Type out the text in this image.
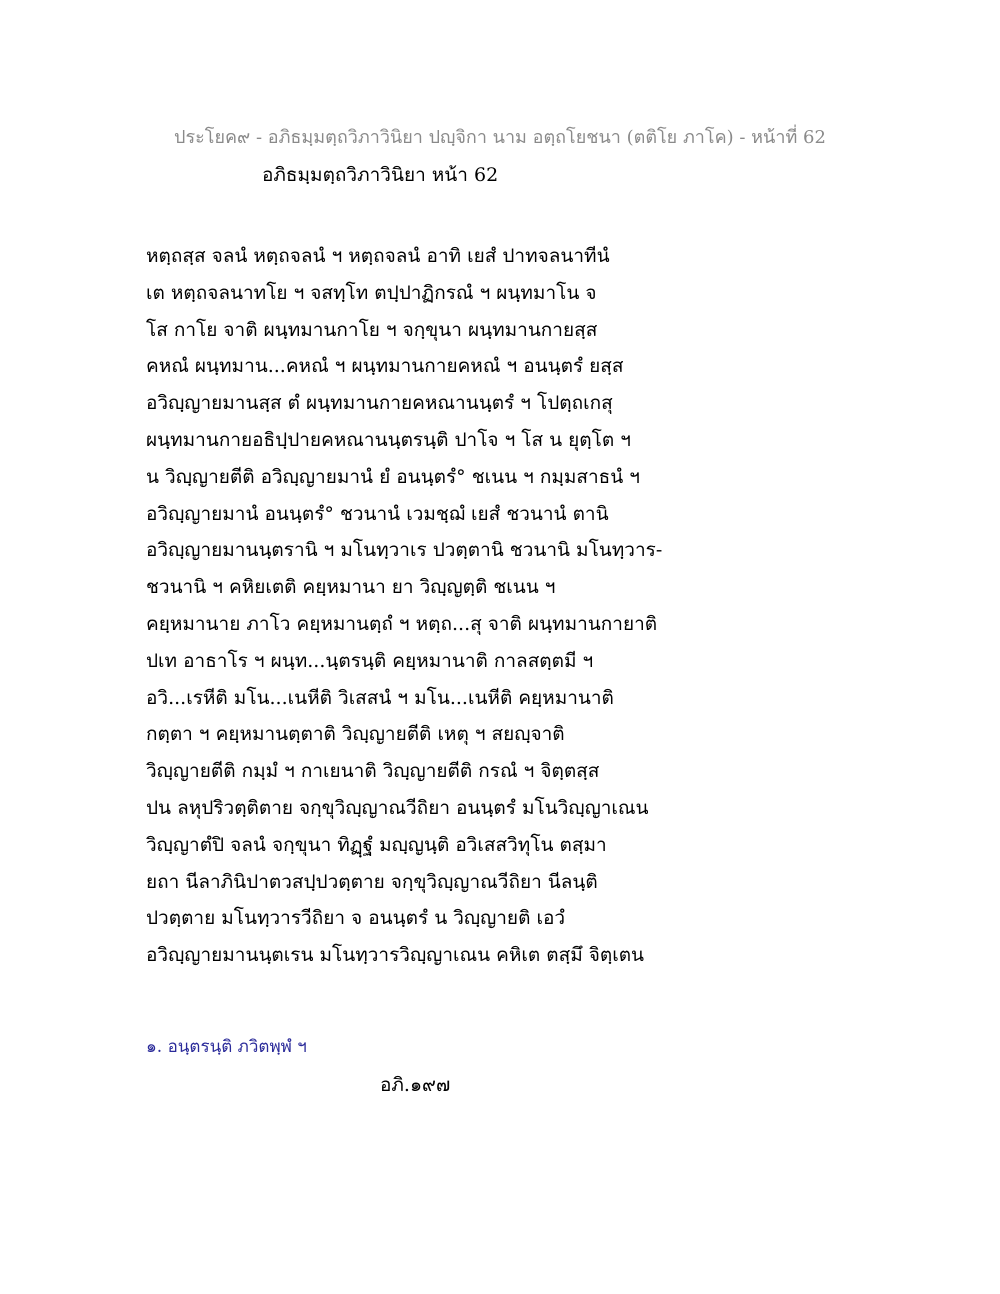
ประโยค๙ - อภิธมฺมตฺถวิภาวินิยา ปญฺจิกา นาม อตฺถโยชนา (ตติโย ภาโค) - หน้าที่ 62
อภิธมฺมตฺถวิภาวินิยา หน้า 62
หตฺถสฺส จลนํ หตฺถจลนํ ฯ หตฺถจลนํ อาทิ เยสํ ปาทจลนาทีนํ
เต หตฺถจลนาทโย ฯ จสทฺโท ตปฺปาฏิกรณํ ฯ ผนฺทมาโน จ
โส กาโย จาติ ผนฺทมานกาโย ฯ จกฺขุนา ผนฺทมานกายสฺส
คหณํ ผนฺทมาน...คหณํ ฯ ผนฺทมานกายคหณํ ฯ อนนฺตรํ ยสฺส
อวิญฺญายมานสฺส ตํ ผนฺทมานกายคหณานนฺตรํ ฯ โปตฺถเกสุ
ผนฺทมานกายอธิปฺปายคหณานนฺตรนฺติ ปาโจ ฯ โส น ยุตฺโต ฯ
น วิญฺญายตีติ อวิญฺญายมานํ ยํ อนนฺตรํ° ชเนน ฯ กมฺมสาธนํ ฯ
อวิญฺญายมานํ อนนฺตรํ° ชวนานํ เวมชฺฌํ เยสํ ชวนานํ ตานิ
อวิญฺญายมานนฺตรานิ ฯ มโนทฺวาเร ปวตฺตานิ ชวนานิ มโนทฺวาร-
ชวนานิ ฯ คหิยเตติ คยฺหมานา ยา วิญฺญตฺติ ชเนน ฯ
คยฺหมานาย ภาโว คยฺหมานตฺถํ ฯ หตฺถ...สุ จาติ ผนฺทมานกายาติ
ปเท อาธาโร ฯ ผนฺท...นฺตรนฺติ คยฺหมานาติ กาลสตฺตมี ฯ
อวิ...เรหีติ มโน...เนหีติ วิเสสนํ ฯ มโน...เนหีติ คยฺหมานาติ
กตฺตา ฯ คยฺหมานตฺตาติ วิญฺญายตีติ เหตุ ฯ สยญฺจาติ
วิญฺญายตีติ กมฺมํ ฯ กาเยนาติ วิญฺญายตีติ กรณํ ฯ จิตฺตสฺส
ปน ลหุปริวตฺติตาย จกฺขุวิญฺญาณวีถิยา อนนฺตรํ มโนวิญฺญาเณน
วิญฺญาตํปิ จลนํ จกฺขุนา ทิฏฺฐํ มญฺญนฺติ อวิเสสวิทุโน ตสฺมา
ยถา นีลาภินิปาตวสปฺปวตฺตาย จกฺขุวิญฺญาณวีถิยา นีลนฺติ
ปวตฺตาย มโนทฺวารวีถิยา จ อนนฺตรํ น วิญฺญายติ เอวํ
อวิญฺญายมานนฺตเรน มโนทฺวารวิญฺญาเณน คหิเต ตสฺมึ จิตฺเตน
๑. อนฺตรนฺติ ภวิตพฺพํ ฯ
อภิ.๑๙๗
